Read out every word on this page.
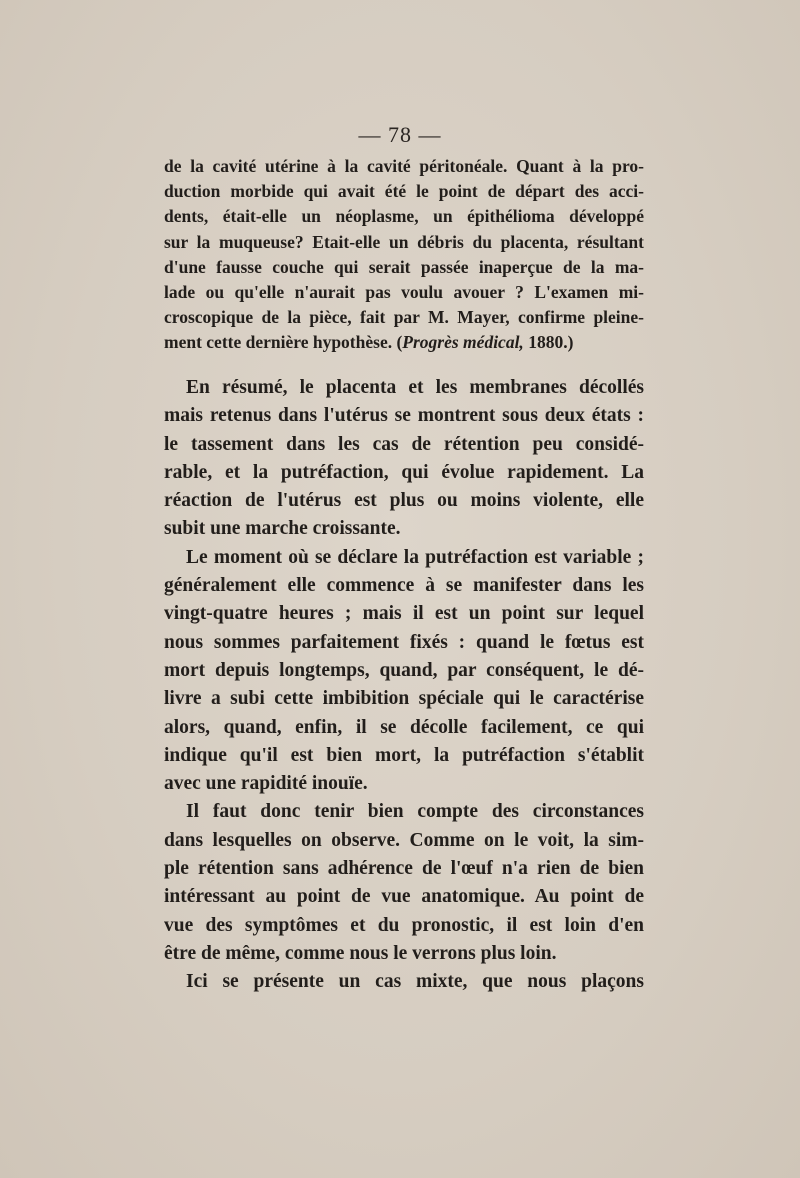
— 78 —
de la cavité utérine à la cavité péritonéale. Quant à la pro-
duction morbide qui avait été le point de départ des acci-
dents, était-elle un néoplasme, un épithélioma développé
sur la muqueuse? Etait-elle un débris du placenta, résultant
d'une fausse couche qui serait passée inaperçue de la ma-
lade ou qu'elle n'aurait pas voulu avouer ? L'examen mi-
croscopique de la pièce, fait par M. Mayer, confirme pleine-
ment cette dernière hypothèse. (Progrès médical, 1880.)
En résumé, le placenta et les membranes décollés
mais retenus dans l'utérus se montrent sous deux états :
le tassement dans les cas de rétention peu considé-
rable, et la putréfaction, qui évolue rapidement. La
réaction de l'utérus est plus ou moins violente, elle
subit une marche croissante.
Le moment où se déclare la putréfaction est variable ;
généralement elle commence à se manifester dans les
vingt-quatre heures ; mais il est un point sur lequel
nous sommes parfaitement fixés : quand le fœtus est
mort depuis longtemps, quand, par conséquent, le dé-
livre a subi cette imbibition spéciale qui le caractérise
alors, quand, enfin, il se décolle facilement, ce qui
indique qu'il est bien mort, la putréfaction s'établit
avec une rapidité inouïe.
Il faut donc tenir bien compte des circonstances
dans lesquelles on observe. Comme on le voit, la sim-
ple rétention sans adhérence de l'œuf n'a rien de bien
intéressant au point de vue anatomique. Au point de
vue des symptômes et du pronostic, il est loin d'en
être de même, comme nous le verrons plus loin.
Ici se présente un cas mixte, que nous plaçons
